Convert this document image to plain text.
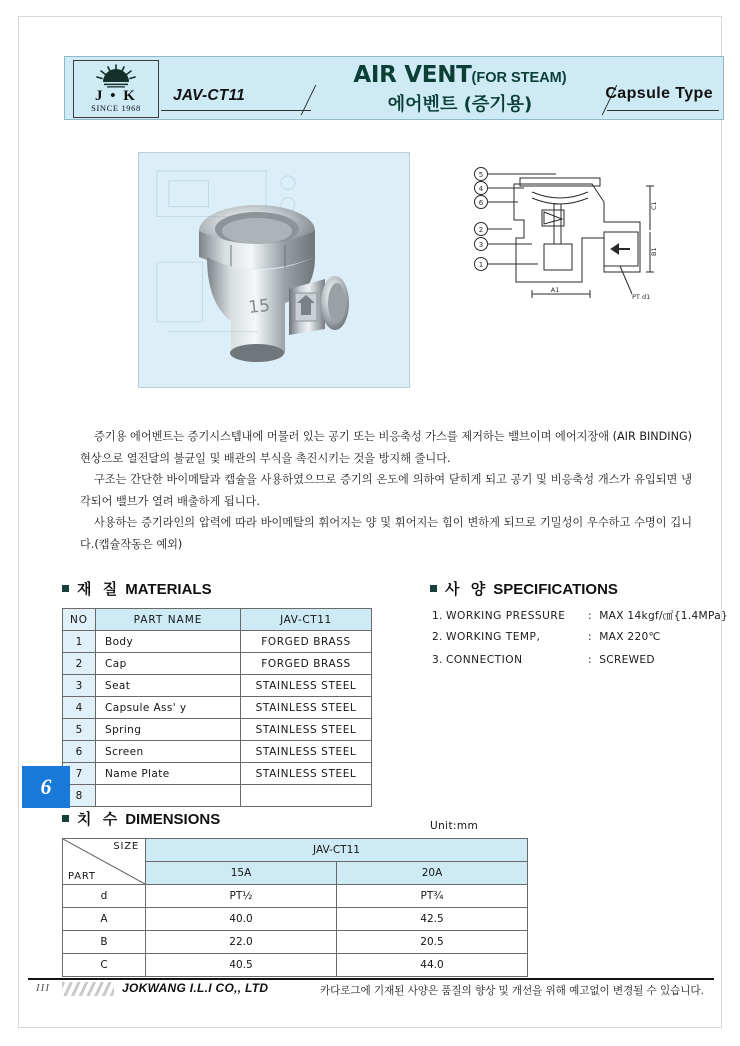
J • K
SINCE 1968
JAV-CT11
AIR VENT(FOR STEAM)
에어벤트 (증기용)
Capsule Type
15
5
4
6
2
3
1
C1
B1
A1
PT d1

증기용 에어벤트는 증기시스템내에 머물러 있는 공기 또는 비응축성 가스를 제거하는 밸브이며 에어지장애 (AIR BINDING) 현상으로 열전달의 불균일 및 배관의 부식을 촉진시키는 것을 방지해 줄니다.

구조는 간단한 바이메탈과 캡슐을 사용하였으므로 증기의 온도에 의하여 닫히게 되고 공기 및 비응축성 개스가 유입되면 냉각되어 밸브가 열려 배출하게 됩니다.

사용하는 증기라인의 압력에 따라 바이메탈의 휘어지는 양 및 휘어지는 힘이 변하게 되므로 기밀성이 우수하고 수명이 깁니다.(캡슐작동은 예외)

재 질 MATERIALS
NO	PART NAME	JAV-CT11
1	Body	FORGED BRASS
2	Cap	FORGED BRASS
3	Seat	STAINLESS STEEL
4	Capsule Ass' y	STAINLESS STEEL
5	Spring	STAINLESS STEEL
6	Screen	STAINLESS STEEL
7	Name Plate	STAINLESS STEEL
8		
사 양 SPECIFICATIONS
1. WORKING PRESSURE : MAX 14kgf/㎠{1.4MPa}
2. WORKING TEMP,	: MAX 220℃
3. CONNECTION	: SCREWED
6
치 수 DIMENSIONS	Unit:mm
SIZE
PART	JAV-CT11	
	15A	20A
d	PT½	PT¾
A	40.0	42.5
B	22.0	20.5
C	40.5	44.0
III	JOKWANG I.L.I CO,, LTD	카다로그에 기재된 사양은 품질의 향상 및 개선을 위해 예고없이 변경될 수 있습니다.
